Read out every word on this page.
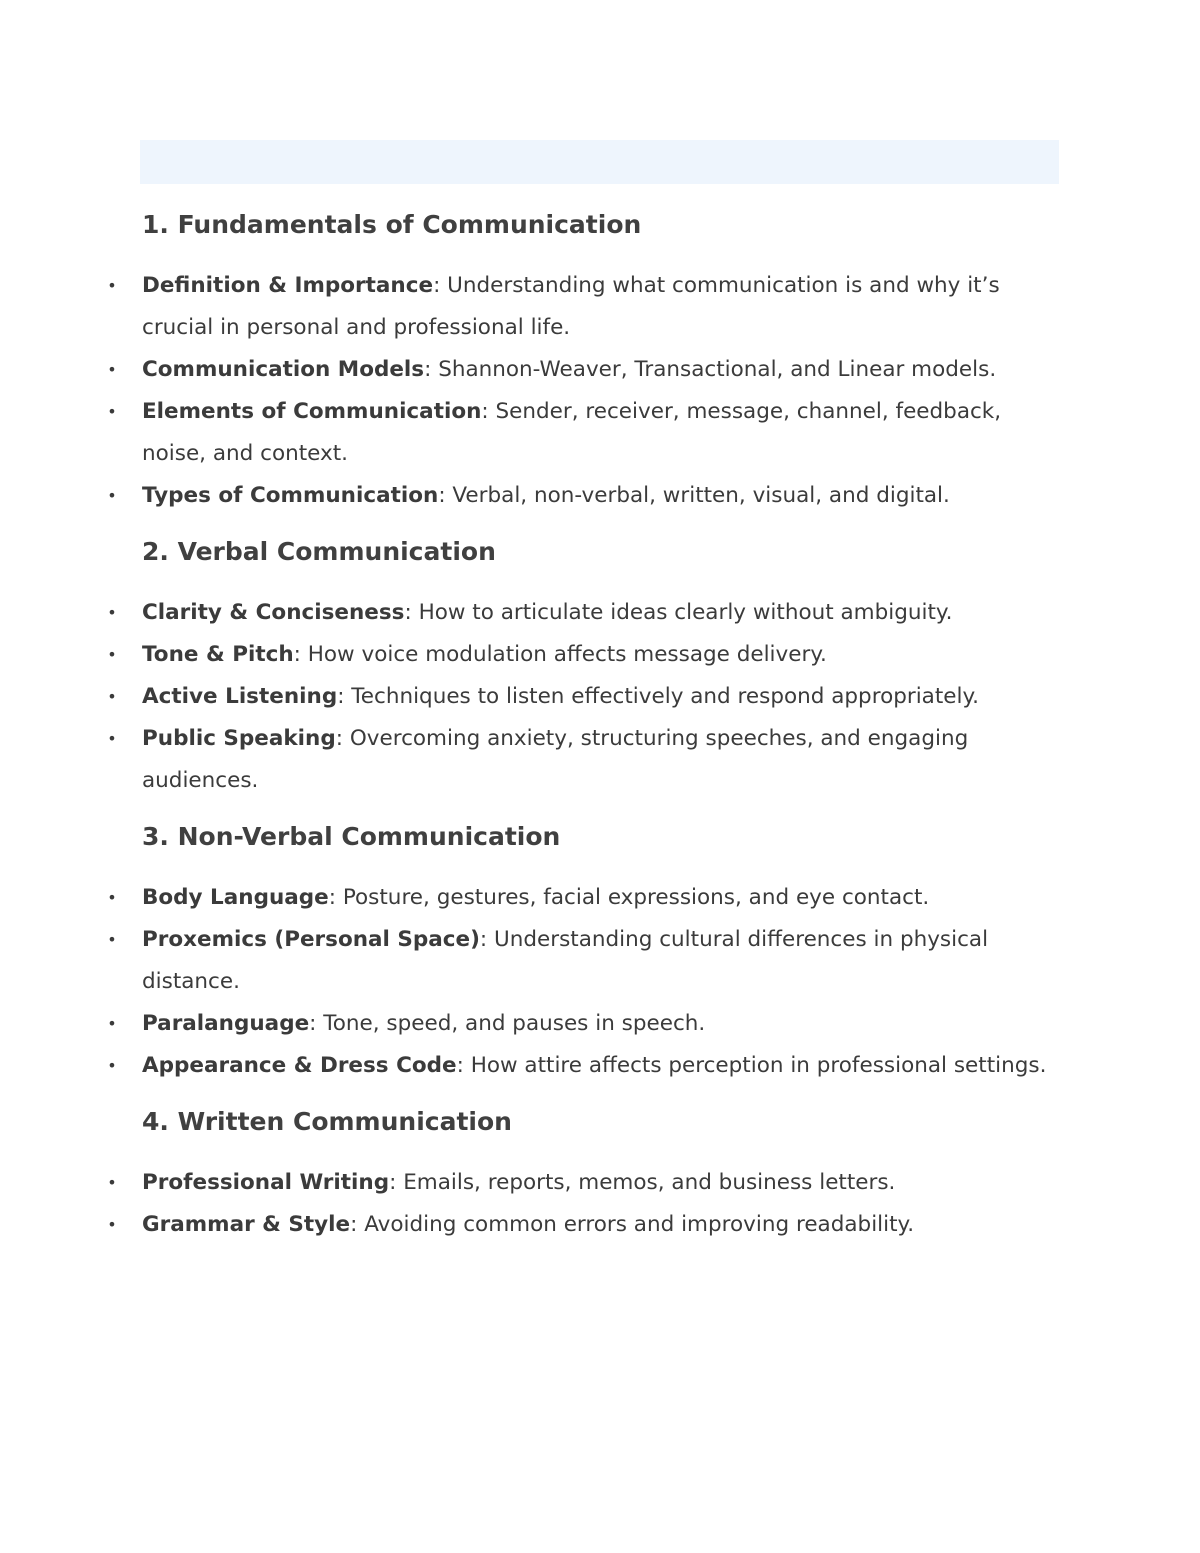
1. Fundamentals of Communication
• Definition & Importance: Understanding what communication is and why it’s crucial in personal and professional life.
• Communication Models: Shannon-Weaver, Transactional, and Linear models.
• Elements of Communication: Sender, receiver, message, channel, feedback, noise, and context.
• Types of Communication: Verbal, non-verbal, written, visual, and digital.
2. Verbal Communication
• Clarity & Conciseness: How to articulate ideas clearly without ambiguity.
• Tone & Pitch: How voice modulation affects message delivery.
• Active Listening: Techniques to listen effectively and respond appropriately.
• Public Speaking: Overcoming anxiety, structuring speeches, and engaging audiences.
3. Non-Verbal Communication
• Body Language: Posture, gestures, facial expressions, and eye contact.
• Proxemics (Personal Space): Understanding cultural differences in physical distance.
• Paralanguage: Tone, speed, and pauses in speech.
• Appearance & Dress Code: How attire affects perception in professional settings.
4. Written Communication
• Professional Writing: Emails, reports, memos, and business letters.
• Grammar & Style: Avoiding common errors and improving readability.
